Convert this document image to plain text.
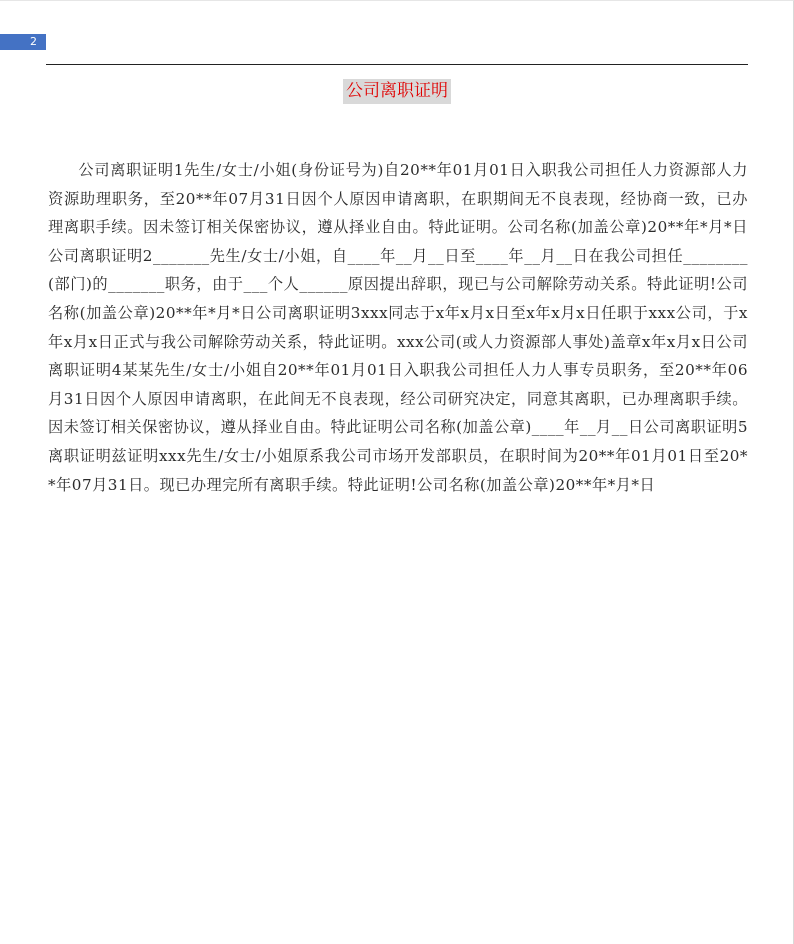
2
公司离职证明

公司离职证明1先生/女士/小姐(身份证号为)自20**年01月01日入职我公司担任人力资源部人力资源助理职务，至20**年07月31日因个人原因申请离职，在职期间无不良表现，经协商一致，已办理离职手续。因未签订相关保密协议，遵从择业自由。特此证明。公司名称(加盖公章)20**年*月*日公司离职证明2_______先生/女士/小姐，自____年__月__日至____年__月__日在我公司担任________(部门)的_______职务，由于___个人______原因提出辞职，现已与公司解除劳动关系。特此证明!公司名称(加盖公章)20**年*月*日公司离职证明3xxx同志于x年x月x日至x年x月x日任职于xxx公司，于x年x月x日正式与我公司解除劳动关系，特此证明。xxx公司(或人力资源部人事处)盖章x年x月x日公司离职证明4某某先生/女士/小姐自20**年01月01日入职我公司担任人力人事专员职务，至20**年06月31日因个人原因申请离职，在此间无不良表现，经公司研究决定，同意其离职，已办理离职手续。因未签订相关保密协议，遵从择业自由。特此证明公司名称(加盖公章)____年__月__日公司离职证明5离职证明兹证明xxx先生/女士/小姐原系我公司市场开发部职员，在职时间为20**年01月01日至20**年07月31日。现已办理完所有离职手续。特此证明!公司名称(加盖公章)20**年*月*日
